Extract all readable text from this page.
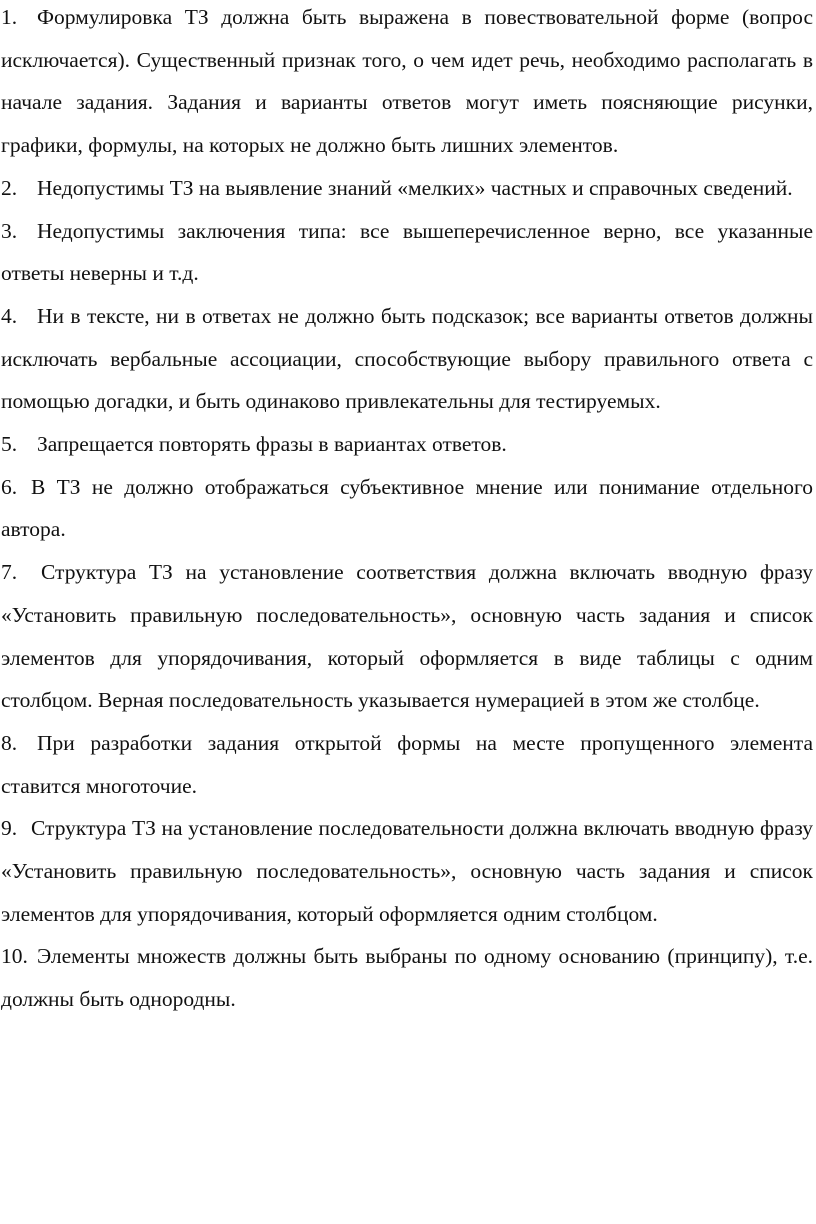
1. Формулировка ТЗ должна быть выражена в повествовательной форме (вопрос исключается). Существенный признак того, о чем идет речь, необходимо располагать в начале задания. Задания и варианты ответов могут иметь поясняющие рисунки, графики, формулы, на которых не должно быть лишних элементов.

2. Недопустимы ТЗ на выявление знаний «мелких» частных и справочных сведений.

3. Недопустимы заключения типа: все вышеперечисленное верно, все указанные ответы неверны и т.д.

4. Ни в тексте, ни в ответах не должно быть подсказок; все варианты ответов должны исключать вербальные ассоциации, способствующие выбору правильного ответа с помощью догадки, и быть одинаково привлекательны для тестируемых.

5. Запрещается повторять фразы в вариантах ответов.

6. В ТЗ не должно отображаться субъективное мнение или понимание отдельного автора.

7. Структура ТЗ на установление соответствия должна включать вводную фразу «Установить правильную последовательность», основную часть задания и список элементов для упорядочивания, который оформляется в виде таблицы с одним столбцом. Верная последовательность указывается нумерацией в этом же столбце.

8. При разработки задания открытой формы на месте пропущенного элемента ставится многоточие.

9. Структура ТЗ на установление последовательности должна включать вводную фразу «Установить правильную последовательность», основную часть задания и список элементов для упорядочивания, который оформляется одним столбцом.

10. Элементы множеств должны быть выбраны по одному основанию (принципу), т.е. должны быть однородны.
